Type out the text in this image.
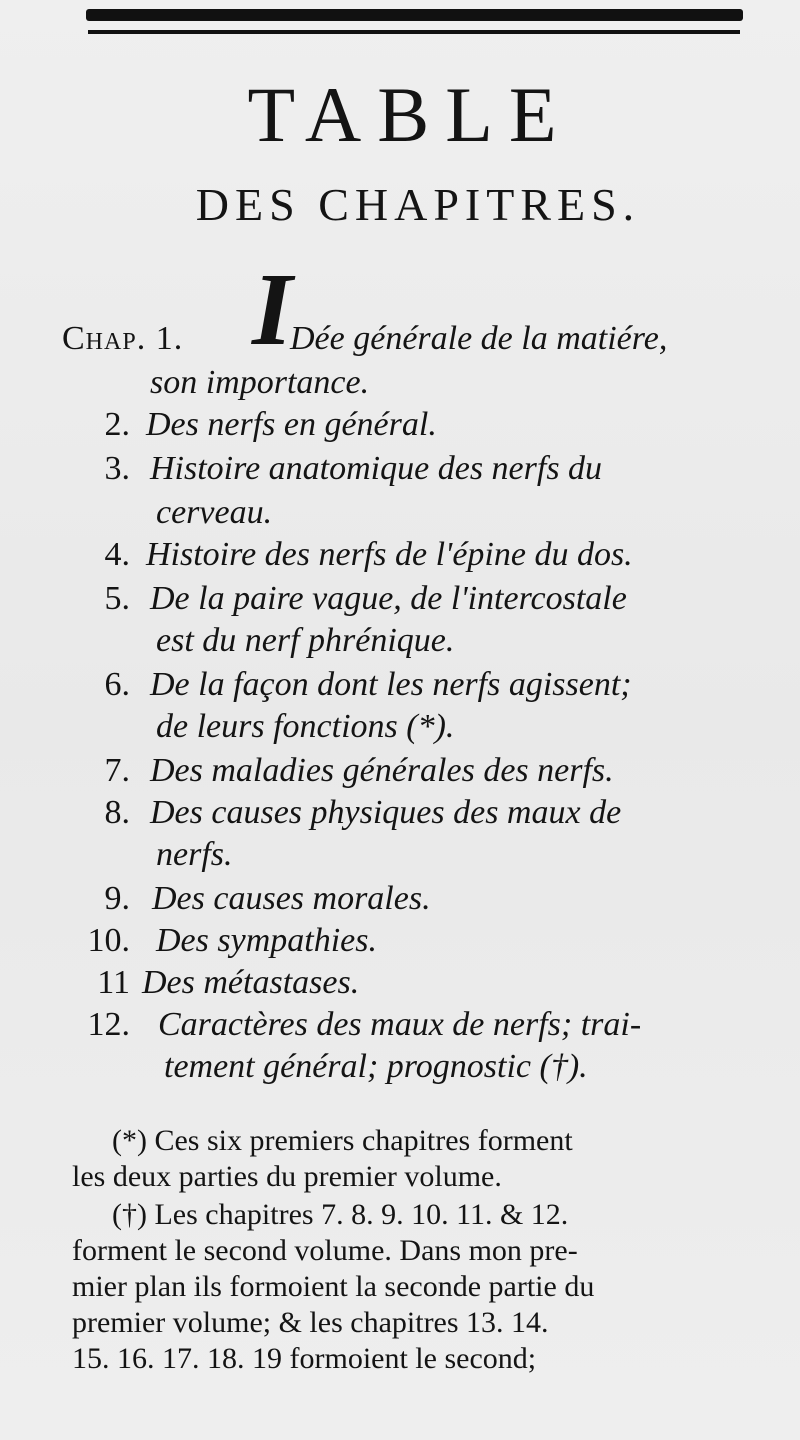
TABLE
DES CHAPITRES.
Chap. 1. I
Dée générale de la matiére,
son importance.
2. Des nerfs en général.
3. Histoire anatomique des nerfs du
cerveau.
4. Histoire des nerfs de l'épine du dos.
5. De la paire vague, de l'intercostale
est du nerf phrénique.
6. De la façon dont les nerfs agissent;
de leurs fonctions (*).
7. Des maladies générales des nerfs.
8. Des causes physiques des maux de
nerfs.
9. Des causes morales.
10. Des sympathies.
11 Des métastases.
12. Caractères des maux de nerfs; trai-
tement général; prognostic (†).

(*) Ces six premiers chapitres forment

les deux parties du premier volume.

(†) Les chapitres 7. 8. 9. 10. 11. & 12.

forment le second volume. Dans mon pre-

mier plan ils formoient la seconde partie du

premier volume; & les chapitres 13. 14.

15. 16. 17. 18. 19 formoient le second;
